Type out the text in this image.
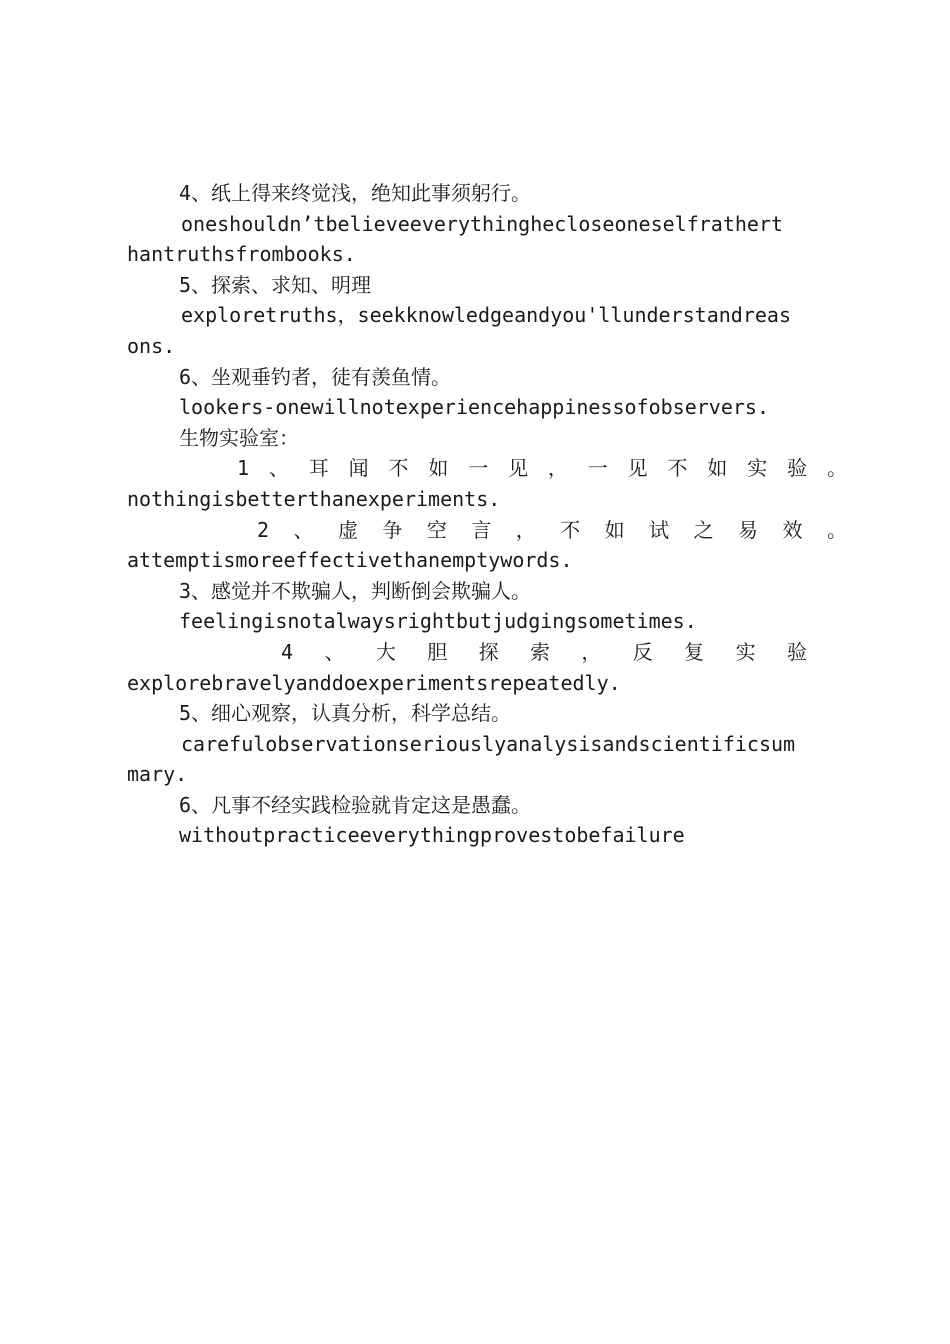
4、纸上得来终觉浅，绝知此事须躬行。
oneshouldn’tbelieveeverythinghecloseoneselfrathert
hantruthsfrombooks.
5、探索、求知、明理
exploretruths，seekknowledgeandyou'llunderstandreas
ons.
6、坐观垂钓者，徒有羡鱼情。
lookers-onewillnotexperiencehappinessofobservers.
生物实验室：
1 、 耳 闻 不 如 一 见 ， 一 见 不 如 实 验 。
nothingisbetterthanexperiments.
2 、 虚 争 空 言 ， 不 如 试 之 易 效 。
attemptismoreeffectivethanemptywords.
3、感觉并不欺骗人，判断倒会欺骗人。
feelingisnotalwaysrightbutjudgingsometimes.
4 、 大 胆 探 索 ， 反 复 实 验
explorebravelyanddoexperimentsrepeatedly.
5、细心观察，认真分析，科学总结。
carefulobservationseriouslyanalysisandscientificsum
mary.
6、凡事不经实践检验就肯定这是愚蠢。
withoutpracticeeverythingprovestobefailure
